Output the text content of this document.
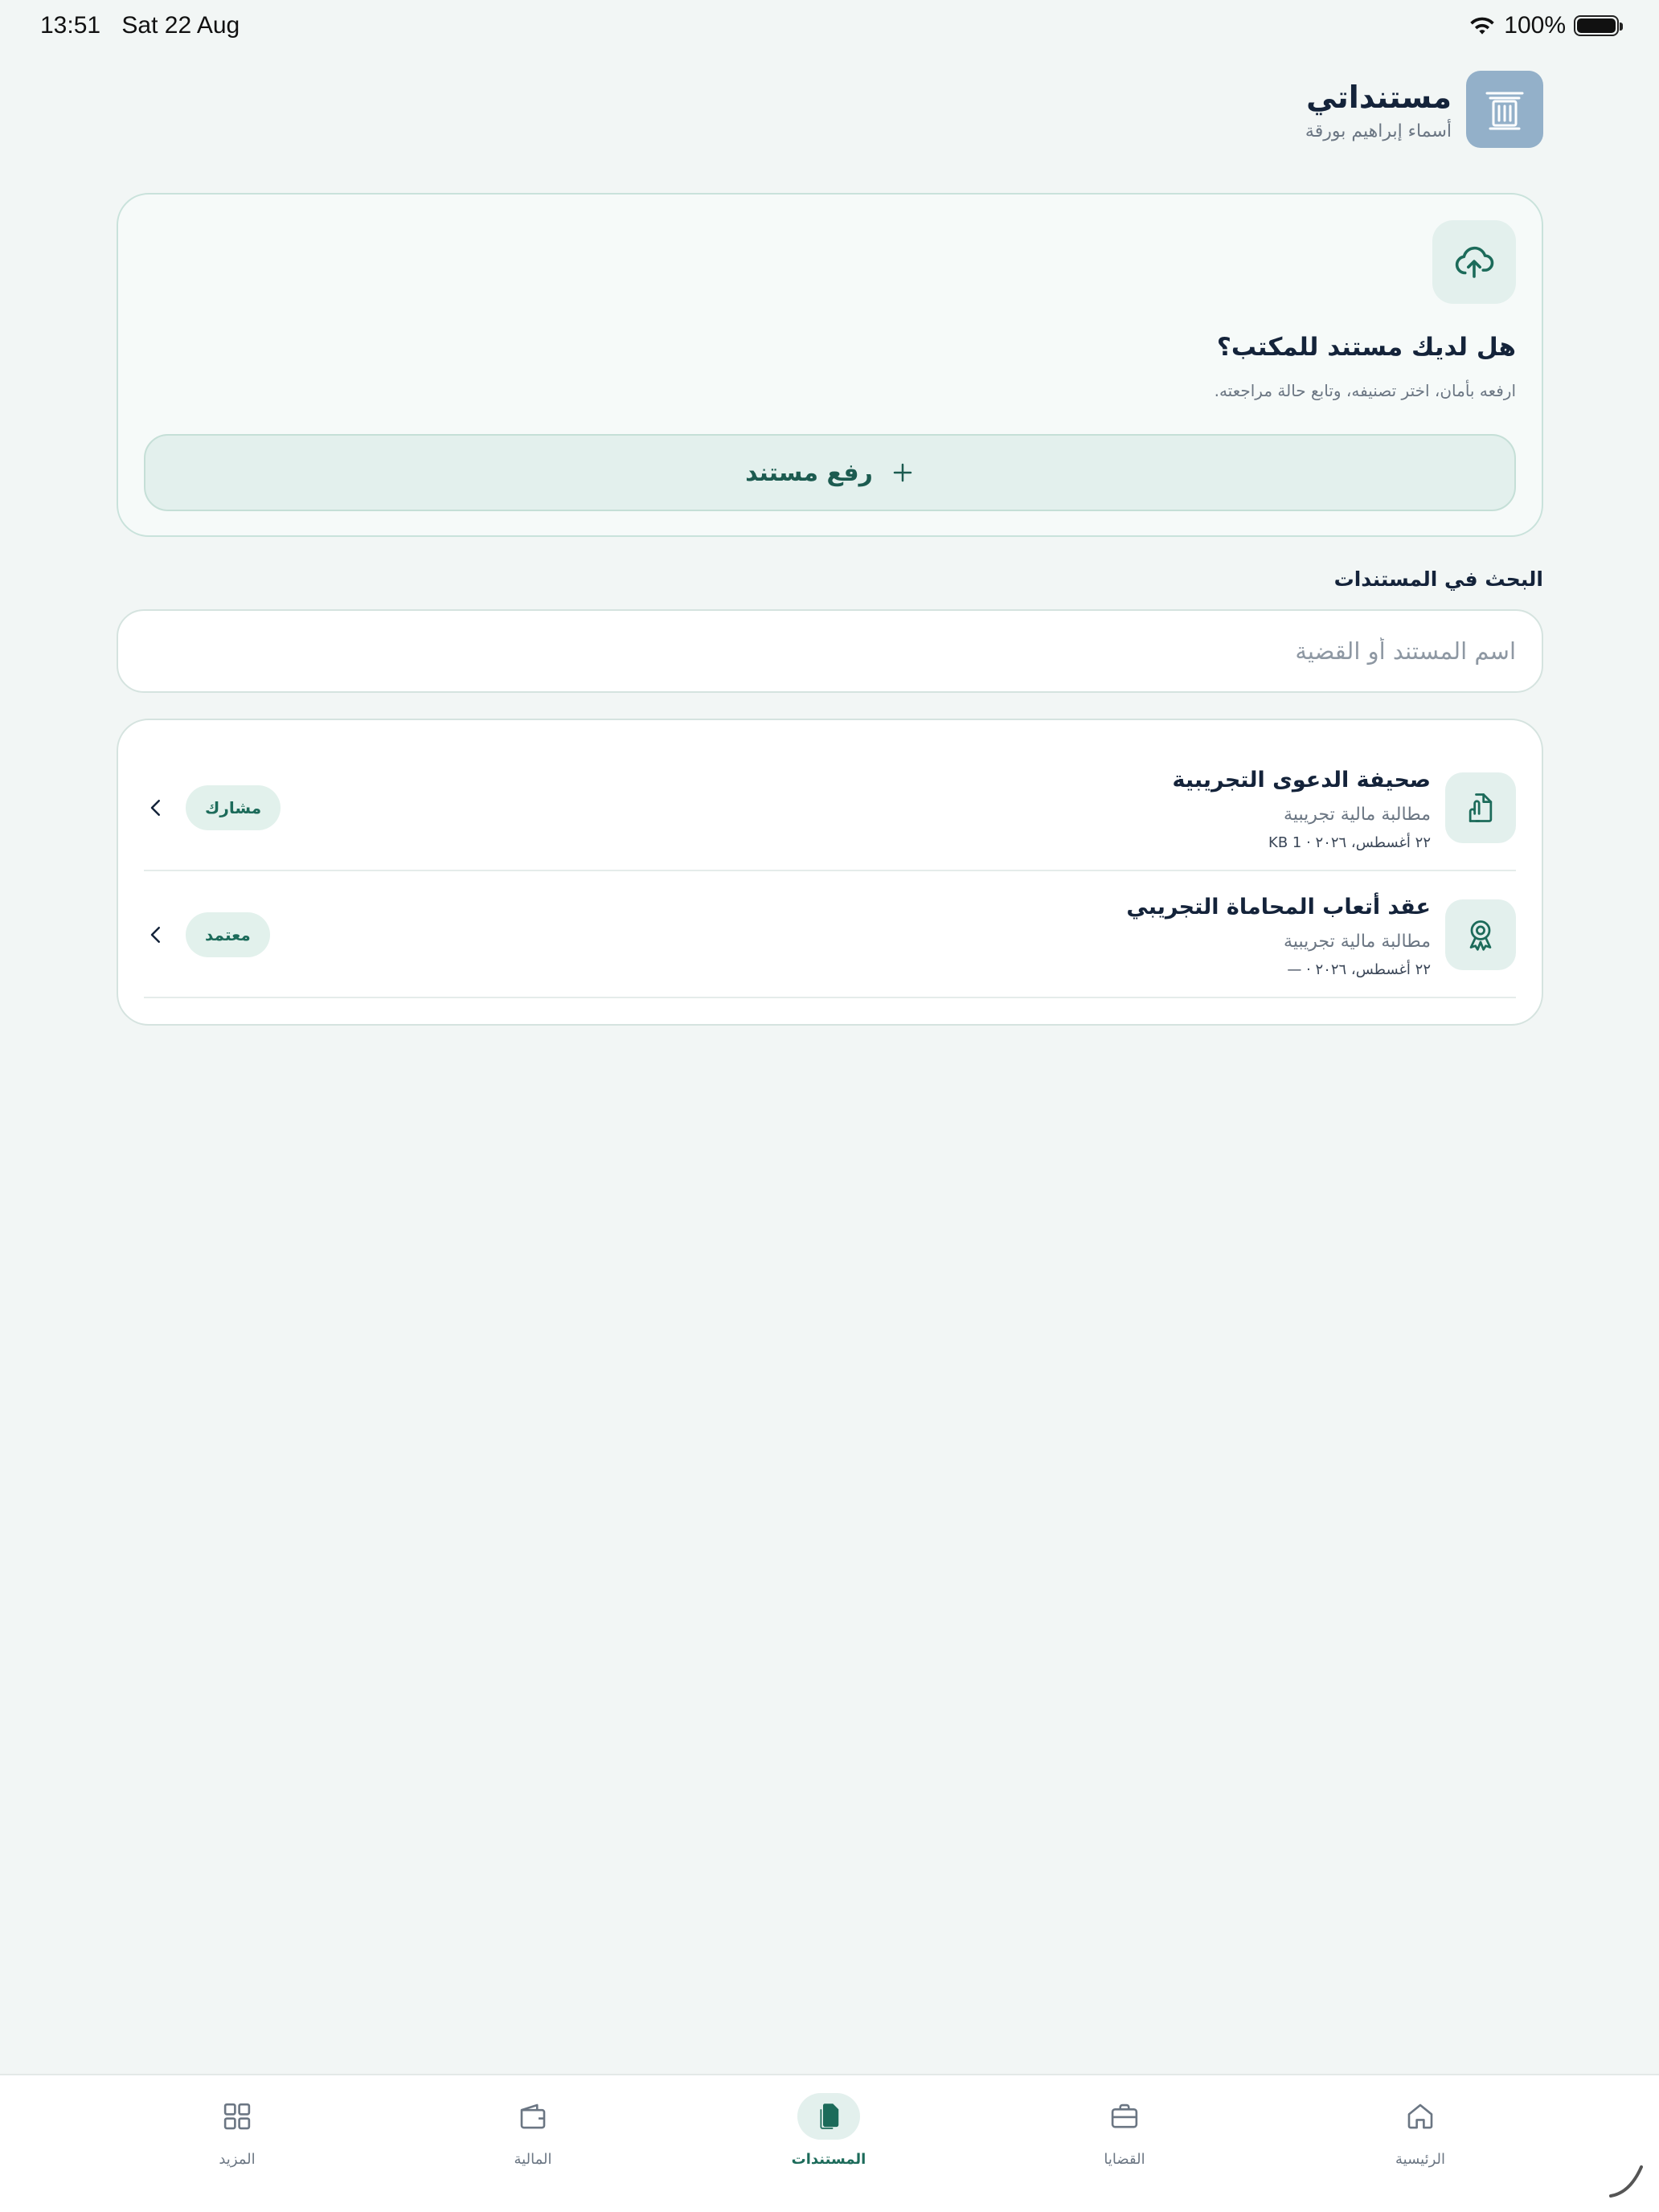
13:51 Sat 22 Aug	100%
مستنداتي
أسماء إبراهيم بورقة
هل لديك مستند للمكتب؟
ارفعه بأمان، اختر تصنيفه، وتابع حالة مراجعته.
رفع مستند
البحث في المستندات
اسم المستند أو القضية
صحيفة الدعوى التجريبية
مطالبة مالية تجريبية
٢٢ أغسطس، ٢٠٢٦ · 1 KB
مشارك
عقد أتعاب المحاماة التجريبي
مطالبة مالية تجريبية
٢٢ أغسطس، ٢٠٢٦ · —
معتمد
المزيد	المالية	المستندات	القضايا	الرئيسية
